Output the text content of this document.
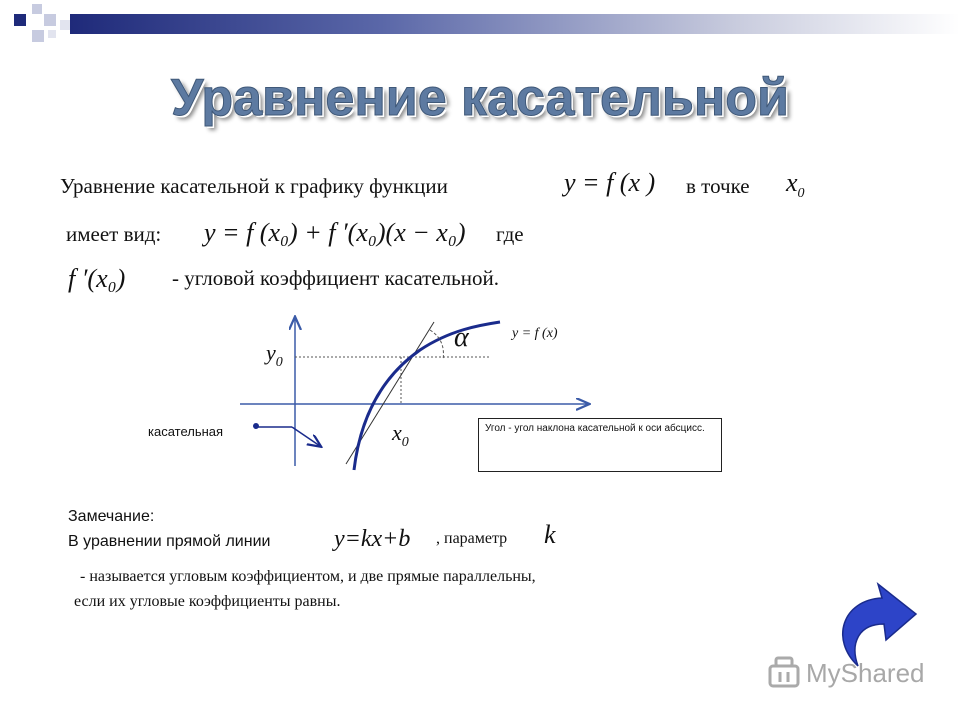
Уравнение касательной
Уравнение касательной к графику функции	y = f (x ) в точке $x_0$
имеет вид: y = f (x₀) + f ′(x₀)(x − x₀) где
f ′(x₀) - угловой коэффициент касательной.
$y_0$
$x_0$
α	y = f (x)
касательная	Угол - угол наклона касательной к оси абсцисс.
Замечание:
В уравнении прямой линии	y=kx+b , параметр k
- называется угловым коэффициентом, и две прямые параллельны,
если их угловые коэффициенты равны.
MyShared
